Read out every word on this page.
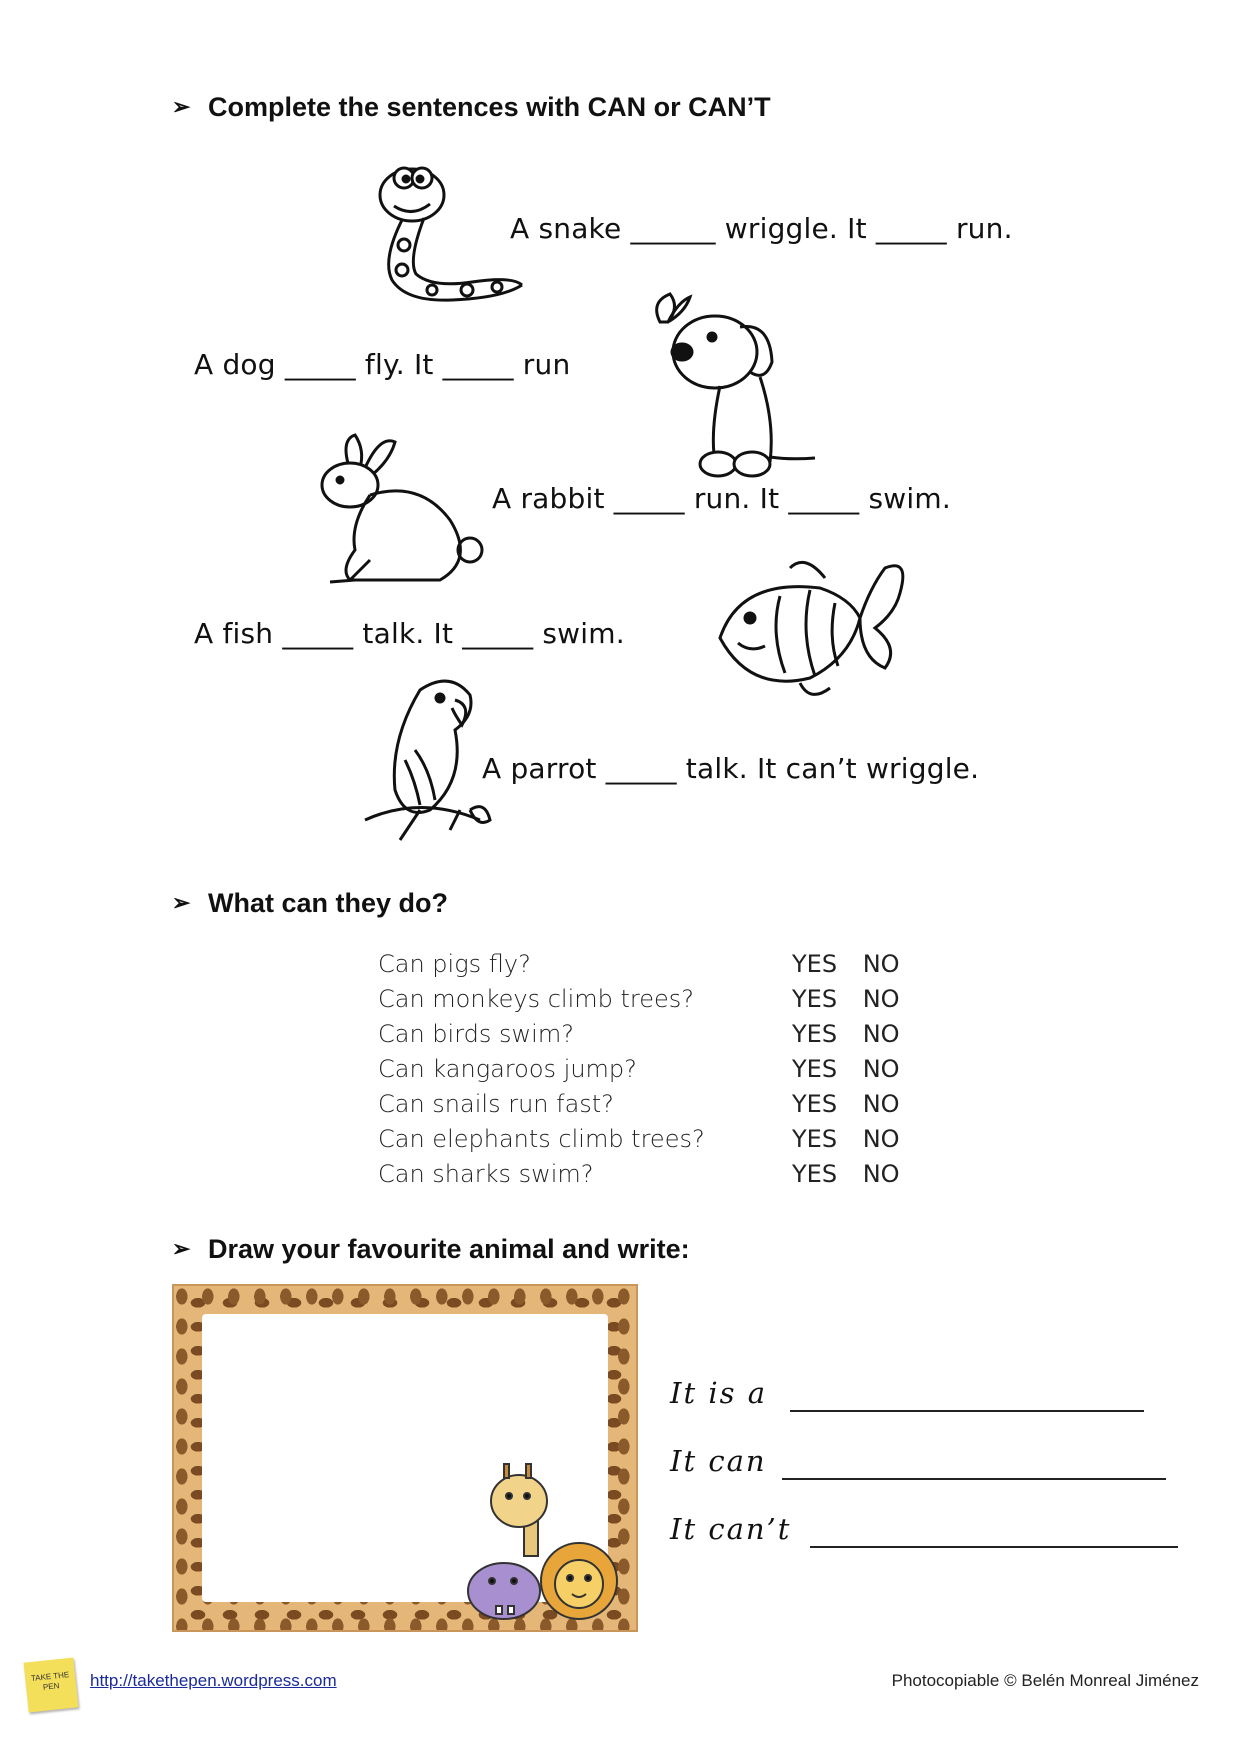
➢ Complete the sentences with CAN or CAN’T
A snake ______ wriggle. It _____ run.
A dog _____ fly. It _____ run
A rabbit _____ run. It _____ swim.
A fish _____ talk. It _____ swim.
A parrot _____ talk. It can’t wriggle.
➢ What can they do?
Can pigs fly?	YES NO
Can monkeys climb trees?	YES NO
Can birds swim?	YES NO
Can kangaroos jump?	YES NO
Can snails run fast?	YES NO
Can elephants climb trees?	YES NO
Can sharks swim?	YES NO
➢ Draw your favourite animal and write:
It is a
It can
It can’t
TAKE THE PEN	http://takethepen.wordpress.com	Photocopiable © Belén Monreal Jiménez
